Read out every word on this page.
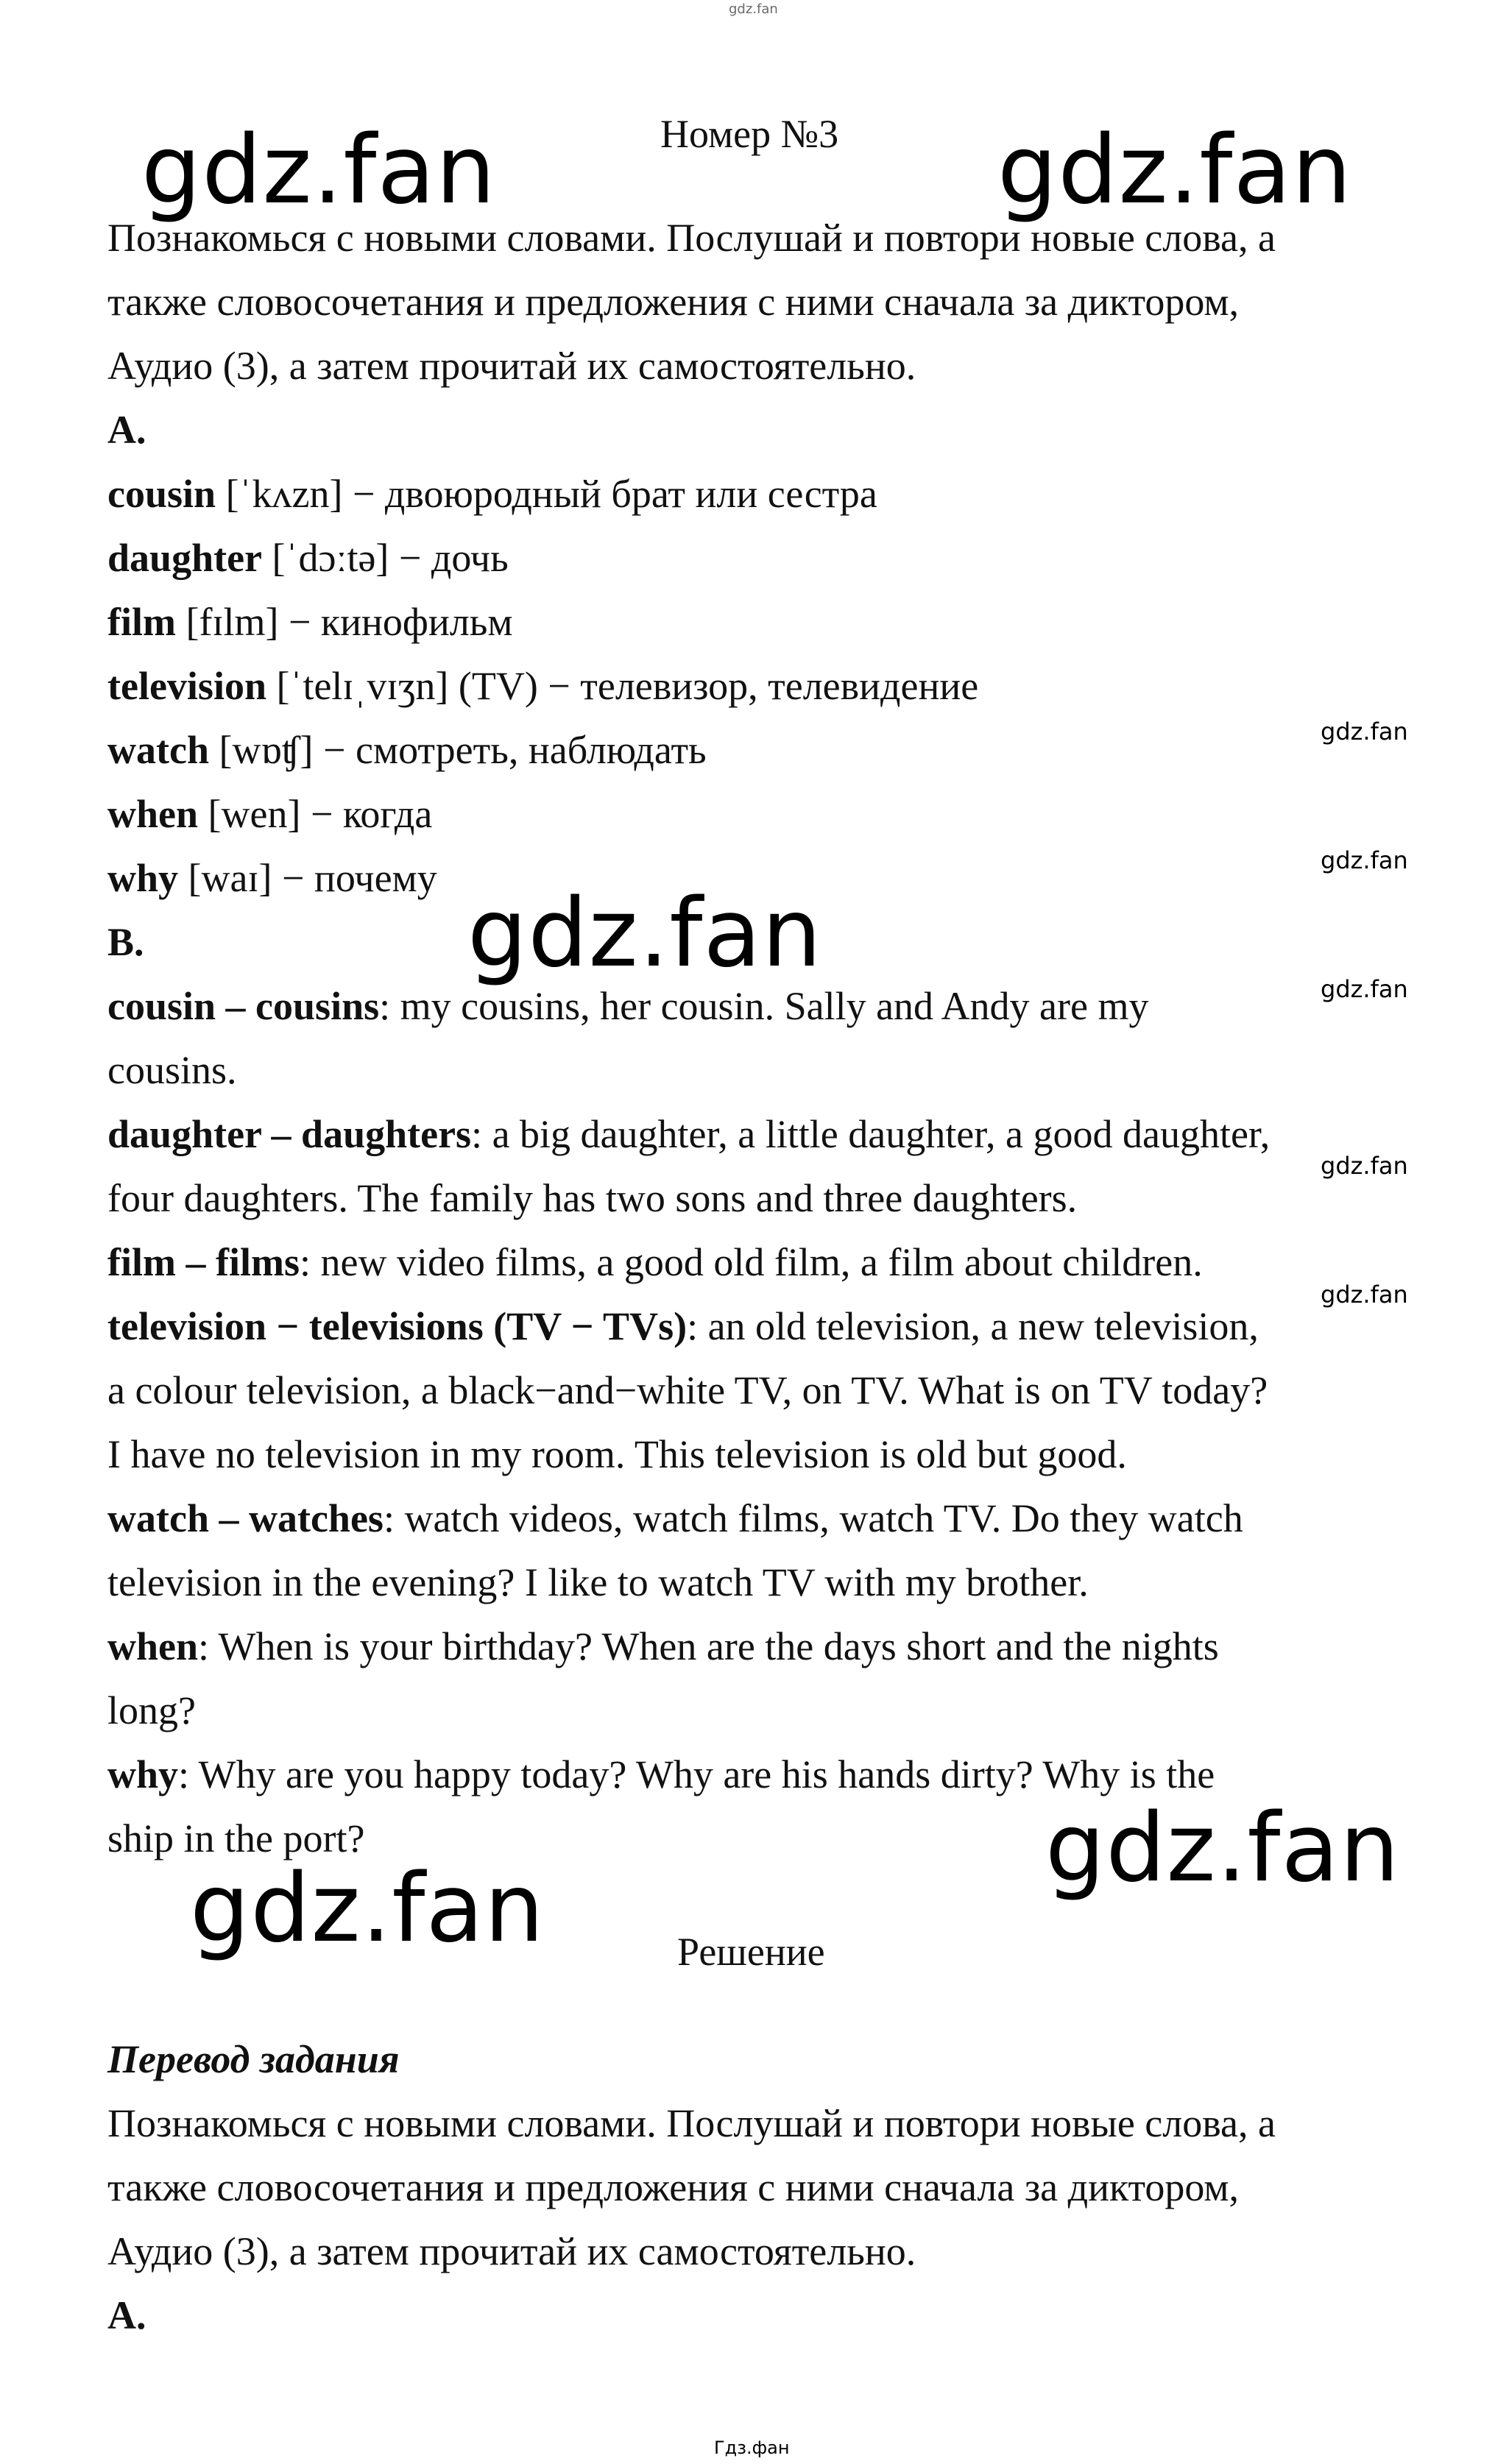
gdz.fan
gdz.fan	gdz.fan
gdz.fan
gdz.fan
gdz.fan
gdz.fan
gdz.fan
gdz.fan
gdz.fan
gdz.fan
Гдз.фан
Номер №3
Познакомься с новыми словами. Послушай и повтори новые слова, а
также словосочетания и предложения с ними сначала за диктором,
Аудио (3), а затем прочитай их самостоятельно.
A.
cousin [ˈkʌzn] − двоюродный брат или сестра
daughter [ˈdɔːtə] − дочь
film [fɪlm] − кинофильм
television [ˈtelɪˌvɪʒn] (TV) − телевизор, телевидение
watch [wɒʧ] − смотреть, наблюдать
when [wen] − когда
why [waɪ] − почему
B.
cousin – cousins: my cousins, her cousin. Sally and Andy are my
cousins.
daughter – daughters: a big daughter, a little daughter, a good daughter,
four daughters. The family has two sons and three daughters.
film – films: new video films, a good old film, a film about children.
television − televisions (TV − TVs): an old television, a new television,
a colour television, a black−and−white TV, on TV. What is on TV today?
I have no television in my room. This television is old but good.
watch – watches: watch videos, watch films, watch TV. Do they watch
television in the evening? I like to watch TV with my brother.
when: When is your birthday? When are the days short and the nights
long?
why: Why are you happy today? Why are his hands dirty? Why is the
ship in the port?
Решение
Перевод задания
Познакомься с новыми словами. Послушай и повтори новые слова, а
также словосочетания и предложения с ними сначала за диктором,
Аудио (3), а затем прочитай их самостоятельно.
A.
